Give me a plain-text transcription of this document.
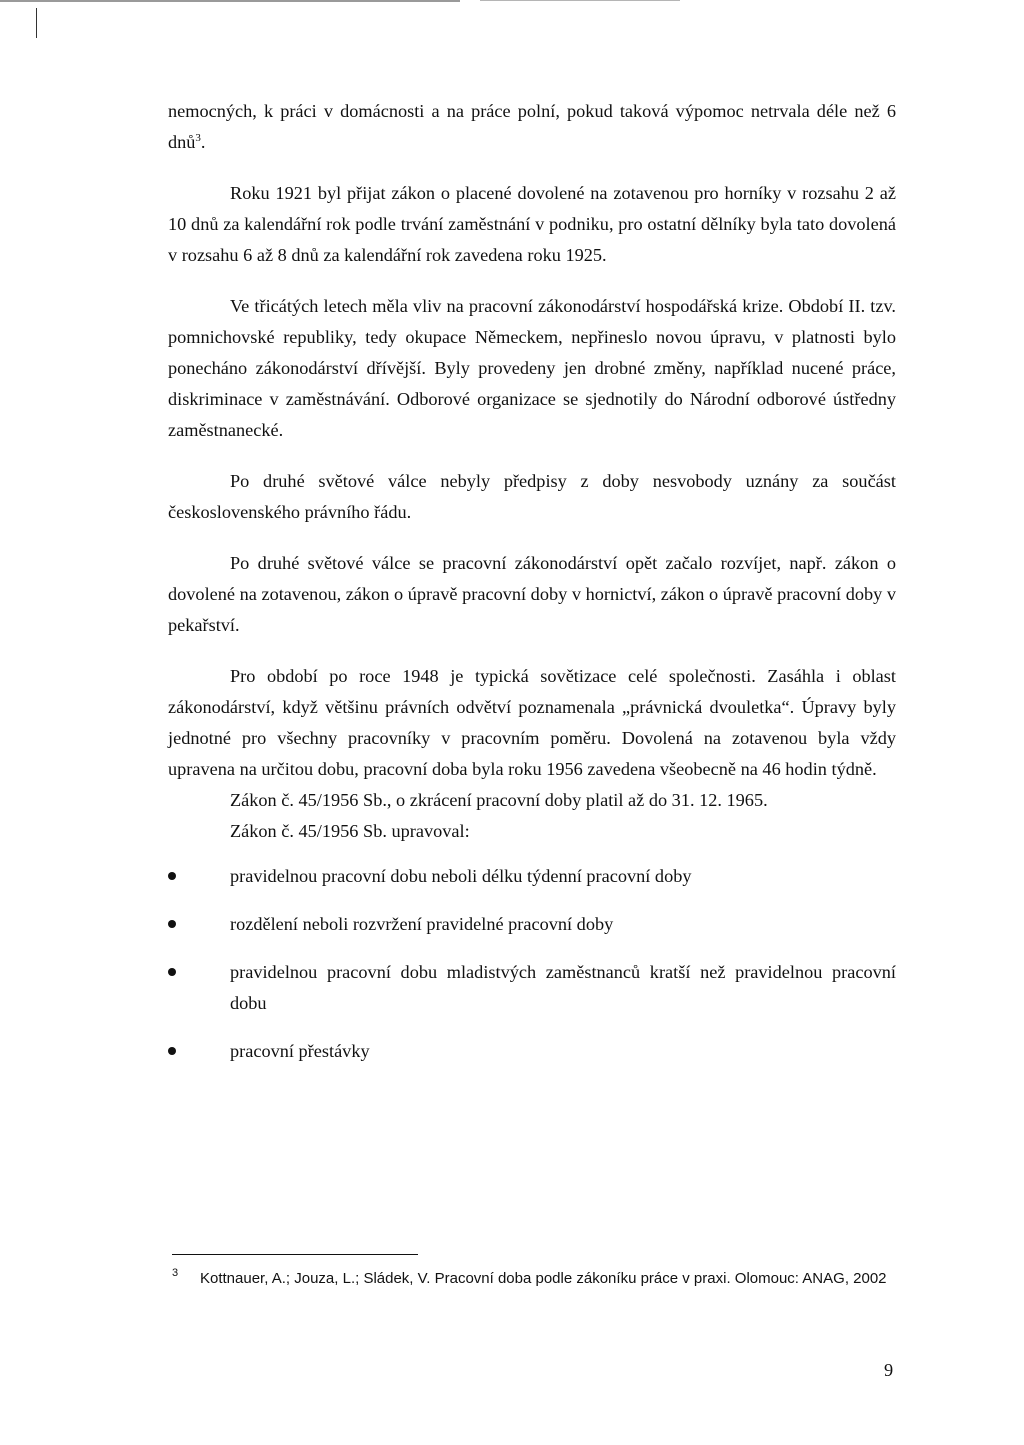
nemocných, k práci v domácnosti a na práce polní, pokud taková výpomoc netrvala déle než 6 dnů$^3$.

Roku 1921 byl přijat zákon o placené dovolené na zotavenou pro horníky v rozsahu 2 až 10 dnů za kalendářní rok podle trvání zaměstnání v podniku, pro ostatní dělníky byla tato dovolená v rozsahu 6 až 8 dnů za kalendářní rok zavedena roku 1925.

Ve třicátých letech měla vliv na pracovní zákonodárství hospodářská krize. Období II. tzv. pomnichovské republiky, tedy okupace Německem, nepřineslo novou úpravu, v platnosti bylo ponecháno zákonodárství dřívější. Byly provedeny jen drobné změny, například nucené práce, diskriminace v zaměstnávání. Odborové organizace se sjednotily do Národní odborové ústředny zaměstnanecké.

Po druhé světové válce nebyly předpisy z doby nesvobody uznány za součást československého právního řádu.

Po druhé světové válce se pracovní zákonodárství opět začalo rozvíjet, např. zákon o dovolené na zotavenou, zákon o úpravě pracovní doby v hornictví, zákon o úpravě pracovní doby v pekařství.

Pro období po roce 1948 je typická sovětizace celé společnosti. Zasáhla i oblast zákonodárství, když většinu právních odvětví poznamenala „právnická dvouletka“. Úpravy byly jednotné pro všechny pracovníky v pracovním poměru. Dovolená na zotavenou byla vždy upravena na určitou dobu, pracovní doba byla roku 1956 zavedena všeobecně na 46 hodin týdně.

Zákon č. 45/1956 Sb., o zkrácení pracovní doby platil až do 31. 12. 1965.

Zákon č. 45/1956 Sb. upravoval:

pravidelnou pracovní dobu neboli délku týdenní pracovní doby
rozdělení neboli rozvržení pravidelné pracovní doby
pravidelnou pracovní dobu mladistvých zaměstnanců kratší než pravidelnou pracovní dobu
pracovní přestávky
3	Kottnauer, A.; Jouza, L.; Sládek, V. Pracovní doba podle zákoníku práce v praxi. Olomouc: ANAG, 2002
9
